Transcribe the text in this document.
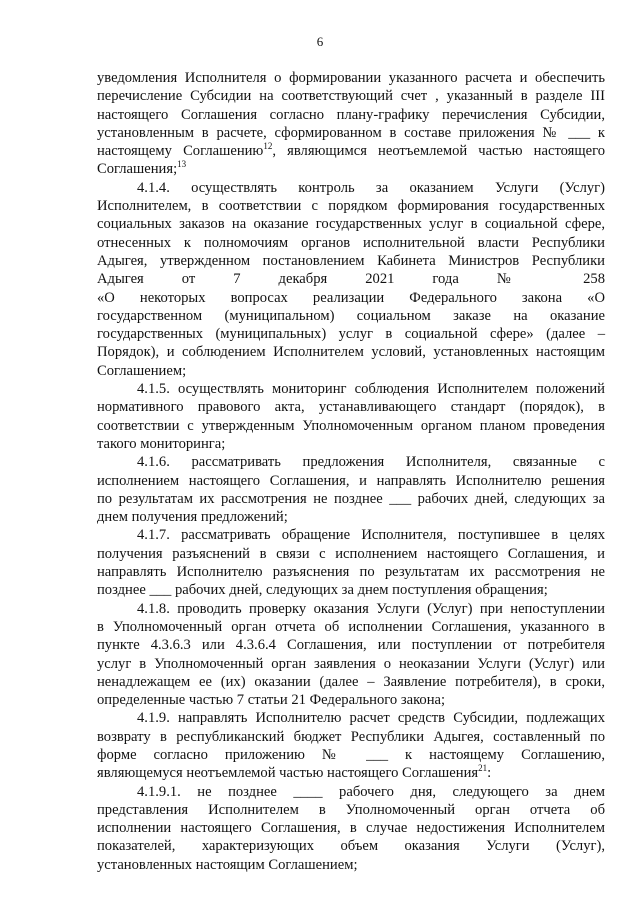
6
уведомления Исполнителя о формировании указанного расчета и обеспечить
перечисление Субсидии на соответствующий счет , указанный в разделе III
настоящего Соглашения согласно плану-графику перечисления Субсидии,
установленным в расчете, сформированном в составе приложения № ___ к
настоящему Соглашению$^{12}$, являющимся неотъемлемой частью настоящего
Соглашения;$^{13}$
4.1.4. осуществлять контроль за оказанием Услуги (Услуг)
Исполнителем, в соответствии с порядком формирования государственных
социальных заказов на оказание государственных услуг в социальной сфере,
отнесенных к полномочиям органов исполнительной власти Республики
Адыгея, утвержденном постановлением Кабинета Министров Республики
Адыгея от 7 декабря 2021 года № 258
«О некоторых вопросах реализации Федерального закона «О
государственном (муниципальном) социальном заказе на оказание
государственных (муниципальных) услуг в социальной сфере» (далее –
Порядок), и соблюдением Исполнителем условий, установленных настоящим
Соглашением;
4.1.5. осуществлять мониторинг соблюдения Исполнителем положений
нормативного правового акта, устанавливающего стандарт (порядок), в
соответствии с утвержденным Уполномоченным органом планом проведения
такого мониторинга;
4.1.6. рассматривать предложения Исполнителя, связанные с
исполнением настоящего Соглашения, и направлять Исполнителю решения
по результатам их рассмотрения не позднее ___ рабочих дней, следующих за
днем получения предложений;
4.1.7. рассматривать обращение Исполнителя, поступившее в целях
получения разъяснений в связи с исполнением настоящего Соглашения, и
направлять Исполнителю разъяснения по результатам их рассмотрения не
позднее ___ рабочих дней, следующих за днем поступления обращения;
4.1.8. проводить проверку оказания Услуги (Услуг) при непоступлении
в Уполномоченный орган отчета об исполнении Соглашения, указанного в
пункте 4.3.6.3 или 4.3.6.4 Соглашения, или поступлении от потребителя
услуг в Уполномоченный орган заявления о неоказании Услуги (Услуг) или
ненадлежащем ее (их) оказании (далее – Заявление потребителя), в сроки,
определенные частью 7 статьи 21 Федерального закона;
4.1.9. направлять Исполнителю расчет средств Субсидии, подлежащих
возврату в республиканский бюджет Республики Адыгея, составленный по
форме согласно приложению № ___ к настоящему Соглашению,
являющемуся неотъемлемой частью настоящего Соглашения$^{21}$:
4.1.9.1. не позднее ____ рабочего дня, следующего за днем
представления Исполнителем в Уполномоченный орган отчета об
исполнении настоящего Соглашения, в случае недостижения Исполнителем
показателей, характеризующих объем оказания Услуги (Услуг),
установленных настоящим Соглашением;
